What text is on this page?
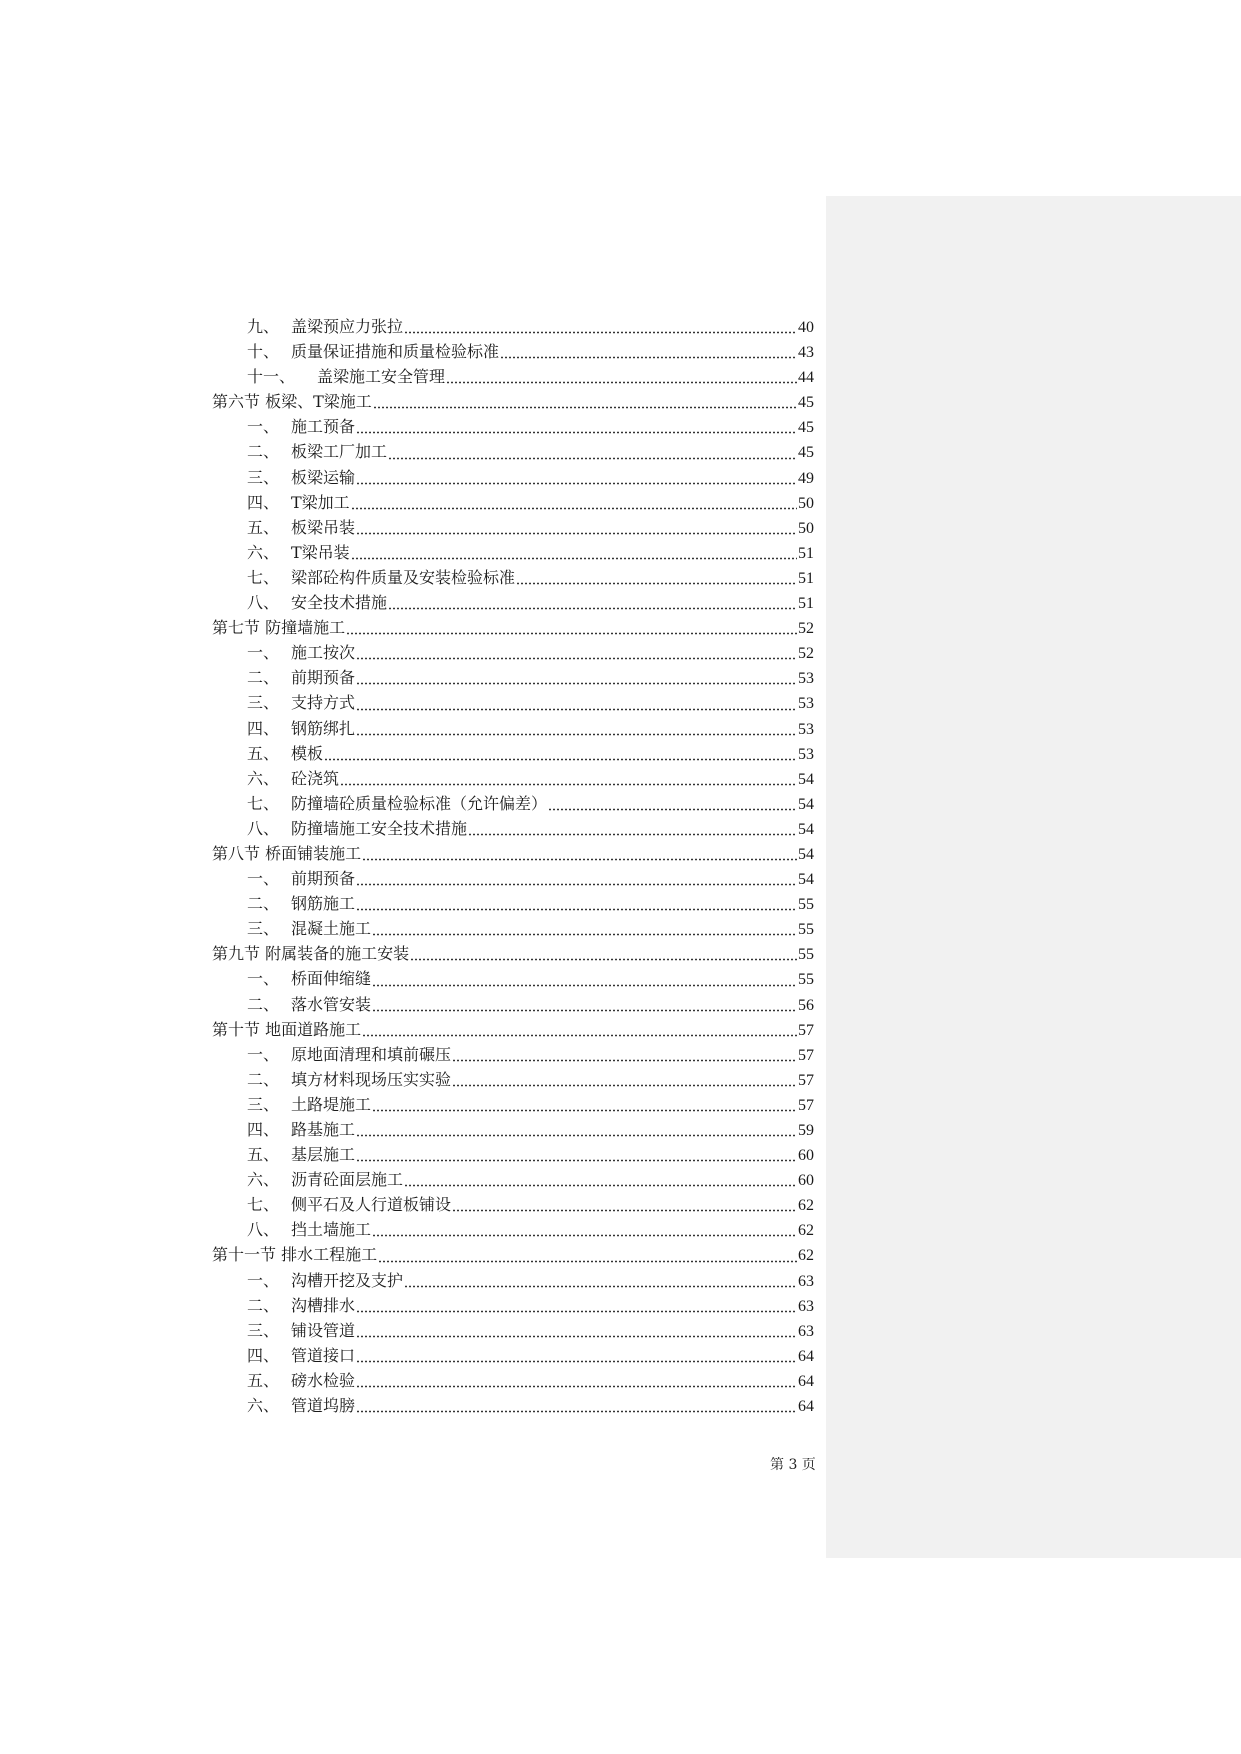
九、 盖梁预应力张拉	40
十、 质量保证措施和质量检验标准	43
十一、	盖梁施工安全管理	44
第六节 板梁、T梁施工	45
一、 施工预备	45
二、 板梁工厂加工	45
三、 板梁运输	49
四、 T梁加工	50
五、 板梁吊装	50
六、 T梁吊装	51
七、 梁部砼构件质量及安装检验标准	51
八、 安全技术措施	51
第七节 防撞墙施工	52
一、 施工按次	52
二、 前期预备	53
三、 支持方式	53
四、 钢筋绑扎	53
五、 模板	53
六、 砼浇筑	54
七、 防撞墙砼质量检验标准（允许偏差）	54
八、 防撞墙施工安全技术措施	54
第八节 桥面铺装施工	54
一、 前期预备	54
二、 钢筋施工	55
三、 混凝土施工	55
第九节 附属装备的施工安装	55
一、 桥面伸缩缝	55
二、 落水管安装	56
第十节 地面道路施工	57
一、 原地面清理和填前碾压	57
二、 填方材料现场压实实验	57
三、 土路堤施工	57
四、 路基施工	59
五、 基层施工	60
六、 沥青砼面层施工	60
七、 侧平石及人行道板铺设	62
八、 挡土墙施工	62
第十一节 排水工程施工	62
一、 沟槽开挖及支护	63
二、 沟槽排水	63
三、 铺设管道	63
四、 管道接口	64
五、 磅水检验	64
六、 管道坞膀	64
第 3 页
